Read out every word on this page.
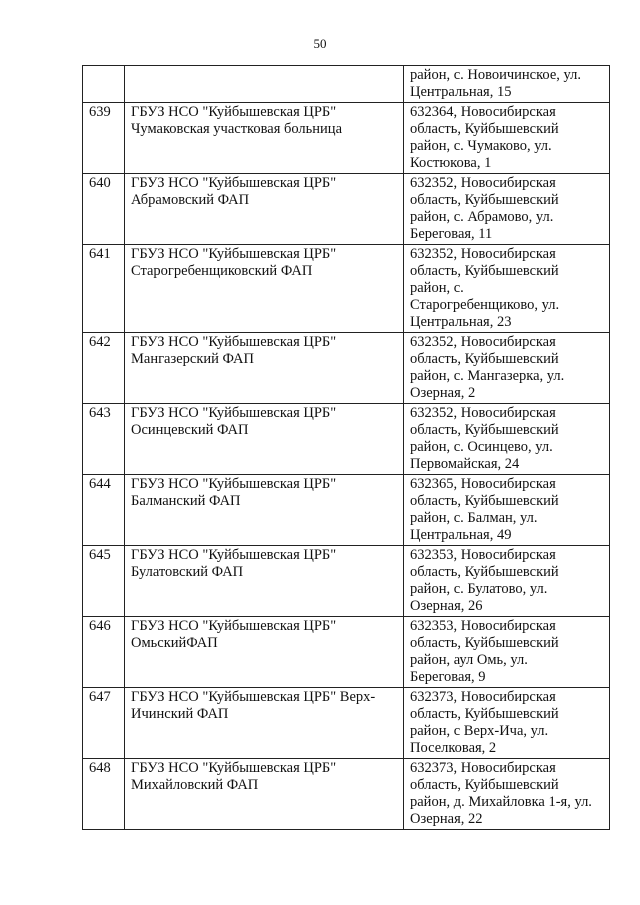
50

		район, с. Новоичинское, ул.
Центральная, 15

639	ГБУЗ НСО "Куйбышевская ЦРБ"
Чумаковская участковая больница	632364, Новосибирская
область, Куйбышевский
район, с. Чумаково, ул.
Костюкова, 1

640	ГБУЗ НСО "Куйбышевская ЦРБ"
Абрамовский ФАП	632352, Новосибирская
область, Куйбышевский
район, с. Абрамово, ул.
Береговая, 11

641	ГБУЗ НСО "Куйбышевская ЦРБ"
Старогребенщиковский ФАП	632352, Новосибирская
область, Куйбышевский
район, с.
Старогребенщиково, ул.
Центральная, 23

642	ГБУЗ НСО "Куйбышевская ЦРБ"
Мангазерский ФАП	632352, Новосибирская
область, Куйбышевский
район, с. Мангазерка, ул.
Озерная, 2

643	ГБУЗ НСО "Куйбышевская ЦРБ"
Осинцевский ФАП	632352, Новосибирская
область, Куйбышевский
район, с. Осинцево, ул.
Первомайская, 24

644	ГБУЗ НСО "Куйбышевская ЦРБ"
Балманский ФАП	632365, Новосибирская
область, Куйбышевский
район, с. Балман, ул.
Центральная, 49

645	ГБУЗ НСО "Куйбышевская ЦРБ"
Булатовский ФАП	632353, Новосибирская
область, Куйбышевский
район, с. Булатово, ул.
Озерная, 26

646	ГБУЗ НСО "Куйбышевская ЦРБ"
ОмьскийФАП	632353, Новосибирская
область, Куйбышевский
район, аул Омь, ул.
Береговая, 9

647	ГБУЗ НСО "Куйбышевская ЦРБ" Верх-
Ичинский ФАП	632373, Новосибирская
область, Куйбышевский
район, с Верх-Ича, ул.
Поселковая, 2

648	ГБУЗ НСО "Куйбышевская ЦРБ"
Михайловский ФАП	632373, Новосибирская
область, Куйбышевский
район, д. Михайловка 1-я, ул.
Озерная, 22
